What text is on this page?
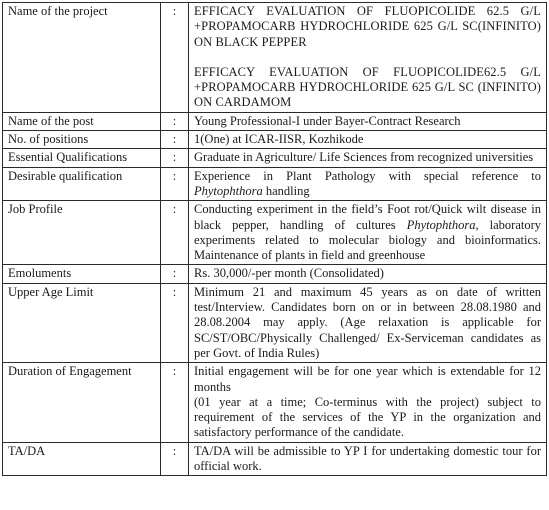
Name of the project	:	EFFICACY EVALUATION OF FLUOPICOLIDE 62.5 G/L +PROPAMOCARB HYDROCHLORIDE 625 G/L SC(INFINITO) ON BLACK PEPPER
EFFICACY EVALUATION OF FLUOPICOLIDE62.5 G/L +PROPAMOCARB HYDROCHLORIDE 625 G/L SC (INFINITO) ON CARDAMOM

Name of the post	:	Young Professional-I under Bayer-Contract Research
No. of positions	:	1(One) at ICAR-IISR, Kozhikode
Essential Qualifications	:	Graduate in Agriculture/ Life Sciences from recognized universities
Desirable qualification	:	Experience in Plant Pathology with special reference to Phytophthora handling
Job Profile	:	Conducting experiment in the field’s Foot rot/Quick wilt disease in black pepper, handling of cultures Phytophthora, laboratory experiments related to molecular biology and bioinformatics. Maintenance of plants in field and greenhouse
Emoluments	:	Rs. 30,000/-per month (Consolidated)
Upper Age Limit	:	Minimum 21 and maximum 45 years as on date of written test/Interview. Candidates born on or in between 28.08.1980 and 28.08.2004 may apply. (Age relaxation is applicable for SC/ST/OBC/Physically Challenged/ Ex-Serviceman candidates as per Govt. of India Rules)
Duration of Engagement	:	Initial engagement will be for one year which is extendable for 12 months
(01 year at a time; Co-terminus with the project) subject to requirement of the services of the YP in the organization and satisfactory performance of the candidate.

TA/DA	:	TA/DA will be admissible to YP I for undertaking domestic tour for official work.
